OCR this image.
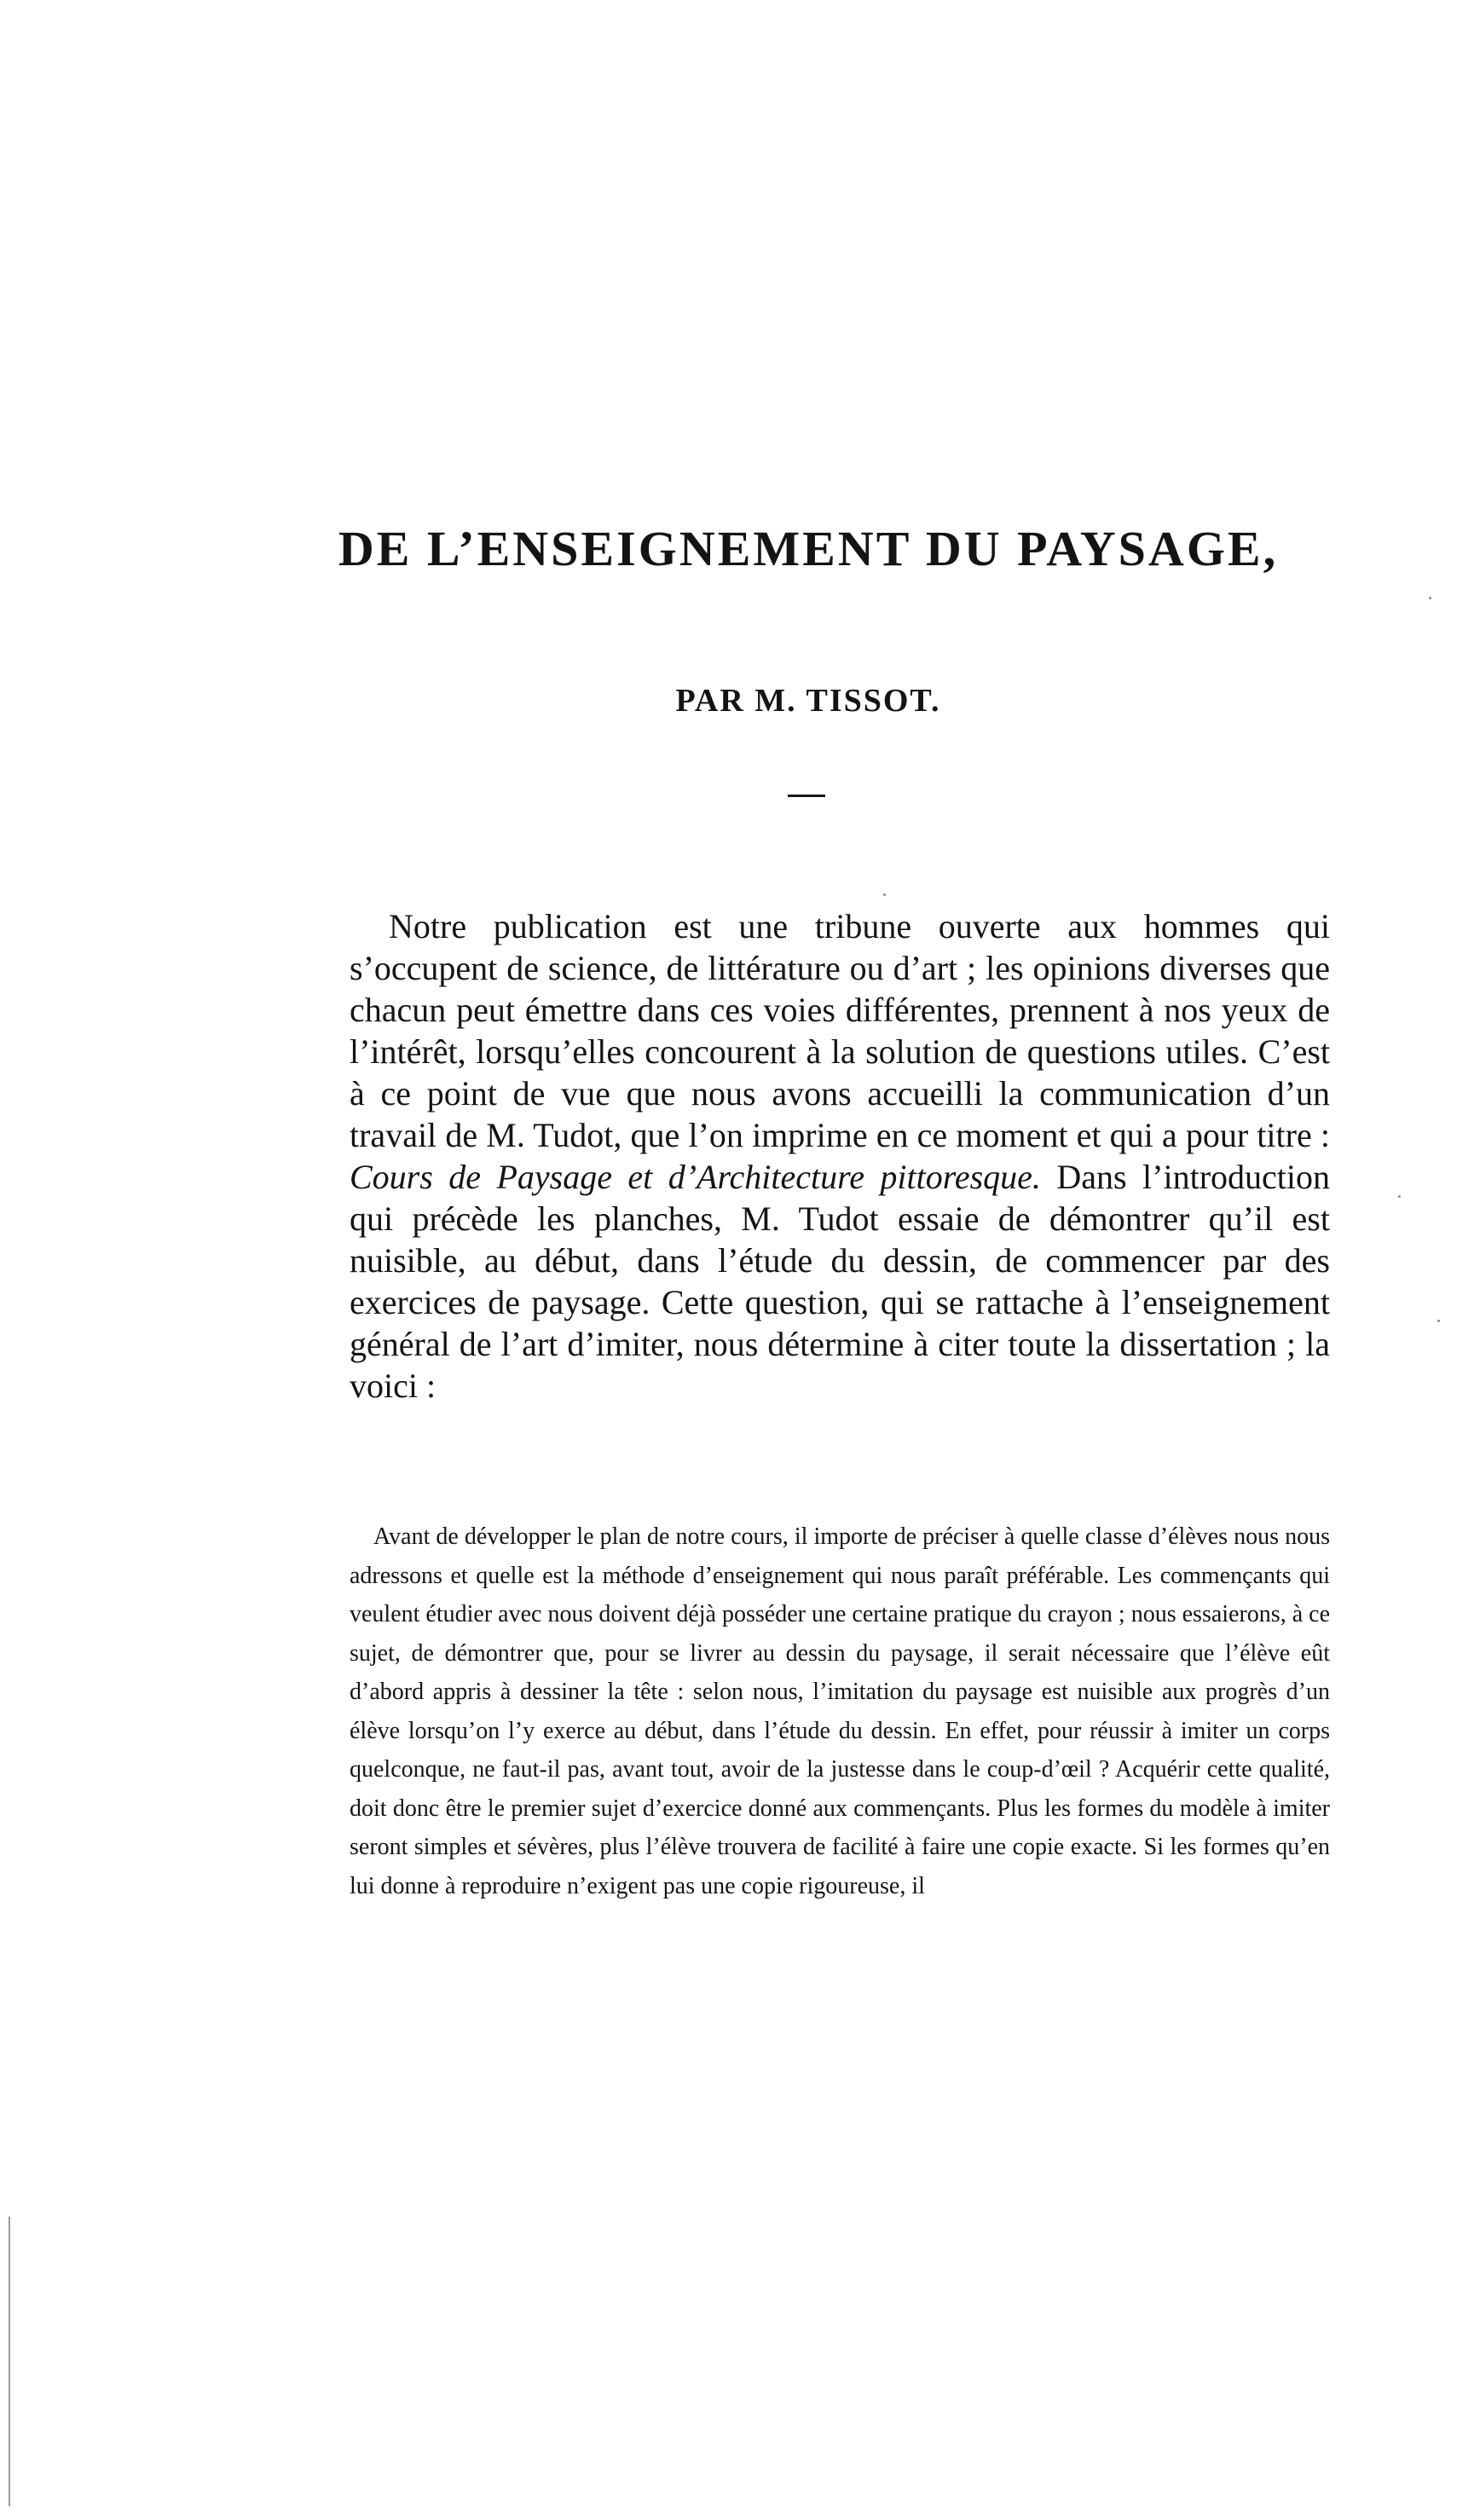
DE L’ENSEIGNEMENT DU PAYSAGE,
PAR M. TISSOT.

Notre publication est une tribune ouverte aux hommes qui s’occupent de science, de littérature ou d’art ; les opinions diverses que chacun peut émettre dans ces voies différentes, prennent à nos yeux de l’intérêt, lorsqu’elles concourent à la solution de questions utiles. C’est à ce point de vue que nous avons accueilli la communication d’un travail de M. Tudot, que l’on imprime en ce moment et qui a pour titre : Cours de Paysage et d’Architecture pittoresque. Dans l’introduction qui précède les planches, M. Tudot essaie de démontrer qu’il est nuisible, au début, dans l’étude du dessin, de commencer par des exercices de paysage. Cette question, qui se rattache à l’enseignement général de l’art d’imiter, nous détermine à citer toute la dissertation ; la voici :

Avant de développer le plan de notre cours, il importe de préciser à quelle classe d’élèves nous nous adressons et quelle est la méthode d’enseignement qui nous paraît préférable. Les commençants qui veulent étudier avec nous doivent déjà posséder une certaine pratique du crayon ; nous essaierons, à ce sujet, de démontrer que, pour se livrer au dessin du paysage, il serait nécessaire que l’élève eût d’abord appris à dessiner la tête : selon nous, l’imitation du paysage est nuisible aux progrès d’un élève lorsqu’on l’y exerce au début, dans l’étude du dessin. En effet, pour réussir à imiter un corps quelconque, ne faut-il pas, avant tout, avoir de la justesse dans le coup-d’œil ? Acquérir cette qualité, doit donc être le premier sujet d’exercice donné aux commençants. Plus les formes du modèle à imiter seront simples et sévères, plus l’élève trouvera de facilité à faire une copie exacte. Si les formes qu’en lui donne à reproduire n’exigent pas une copie rigoureuse, il
